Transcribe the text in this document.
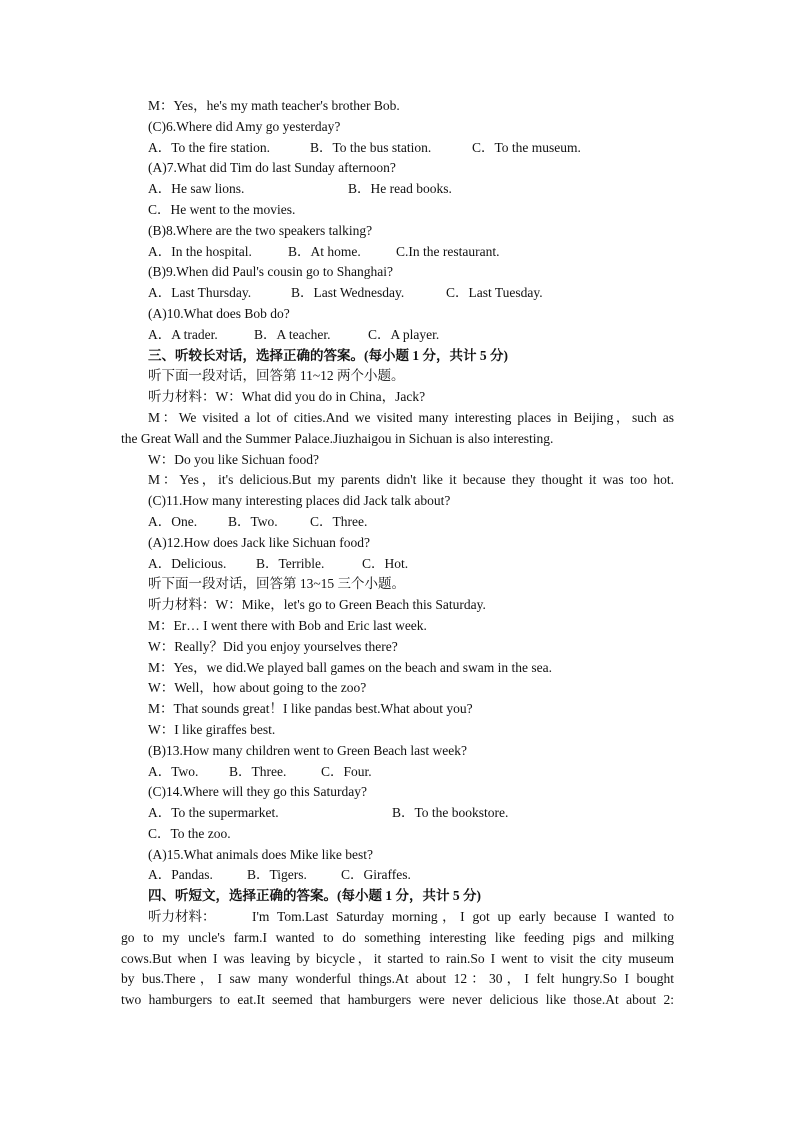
M：Yes，he's my math teacher's brother Bob.
(C)6.Where did Amy go yesterday?
A．To the fire station.	B．To the bus station.	C．To the museum.
(A)7.What did Tim do last Sunday afternoon?
A．He saw lions.	B．He read books.
C．He went to the movies.
(B)8.Where are the two speakers talking?
A．In the hospital.	B．At home.	C.In the restaurant.
(B)9.When did Paul's cousin go to Shanghai?
A．Last Thursday.	B．Last Wednesday.	C．Last Tuesday.
(A)10.What does Bob do?
A．A trader.	B．A teacher.	C．A player.
三、听较长对话，选择正确的答案。(每小题 1 分，共计 5 分)
听下面一段对话，回答第 11~12 两个小题。
听力材料：W：What did you do in China，Jack?
M：We visited a lot of cities.And we visited many interesting places in Beijing，such as
the Great Wall and the Summer Palace.Jiuzhaigou in Sichuan is also interesting.
W：Do you like Sichuan food?
M：Yes，it's delicious.But my parents didn't like it because they thought it was too hot.
(C)11.How many interesting places did Jack talk about?
A．One. B．Two. C．Three.
(A)12.How does Jack like Sichuan food?
A．Delicious. B．Terrible.	C．Hot.
听下面一段对话，回答第 13~15 三个小题。
听力材料：W：Mike，let's go to Green Beach this Saturday.
M：Er… I went there with Bob and Eric last week.
W：Really？Did you enjoy yourselves there?
M：Yes，we did.We played ball games on the beach and swam in the sea.
W：Well，how about going to the zoo?
M：That sounds great！I like pandas best.What about you?
W：I like giraffes best.
(B)13.How many children went to Green Beach last week?
A．Two. B．Three.	C．Four.
(C)14.Where will they go this Saturday?
A．To the supermarket.	B．To the bookstore.
C．To the zoo.
(A)15.What animals does Mike like best?
A．Pandas.	B．Tigers.	C．Giraffes.
四、听短文，选择正确的答案。(每小题 1 分，共计 5 分)
听力材料：	I'm Tom.Last Saturday morning，I got up early because I wanted to
go to my uncle's farm.I wanted to do something interesting like feeding pigs and milking
cows.But when I was leaving by bicycle，it started to rain.So I went to visit the city museum
by bus.There，I saw many wonderful things.At about 12：30，I felt hungry.So I bought
two hamburgers to eat.It seemed that hamburgers were never delicious like those.At about 2:
